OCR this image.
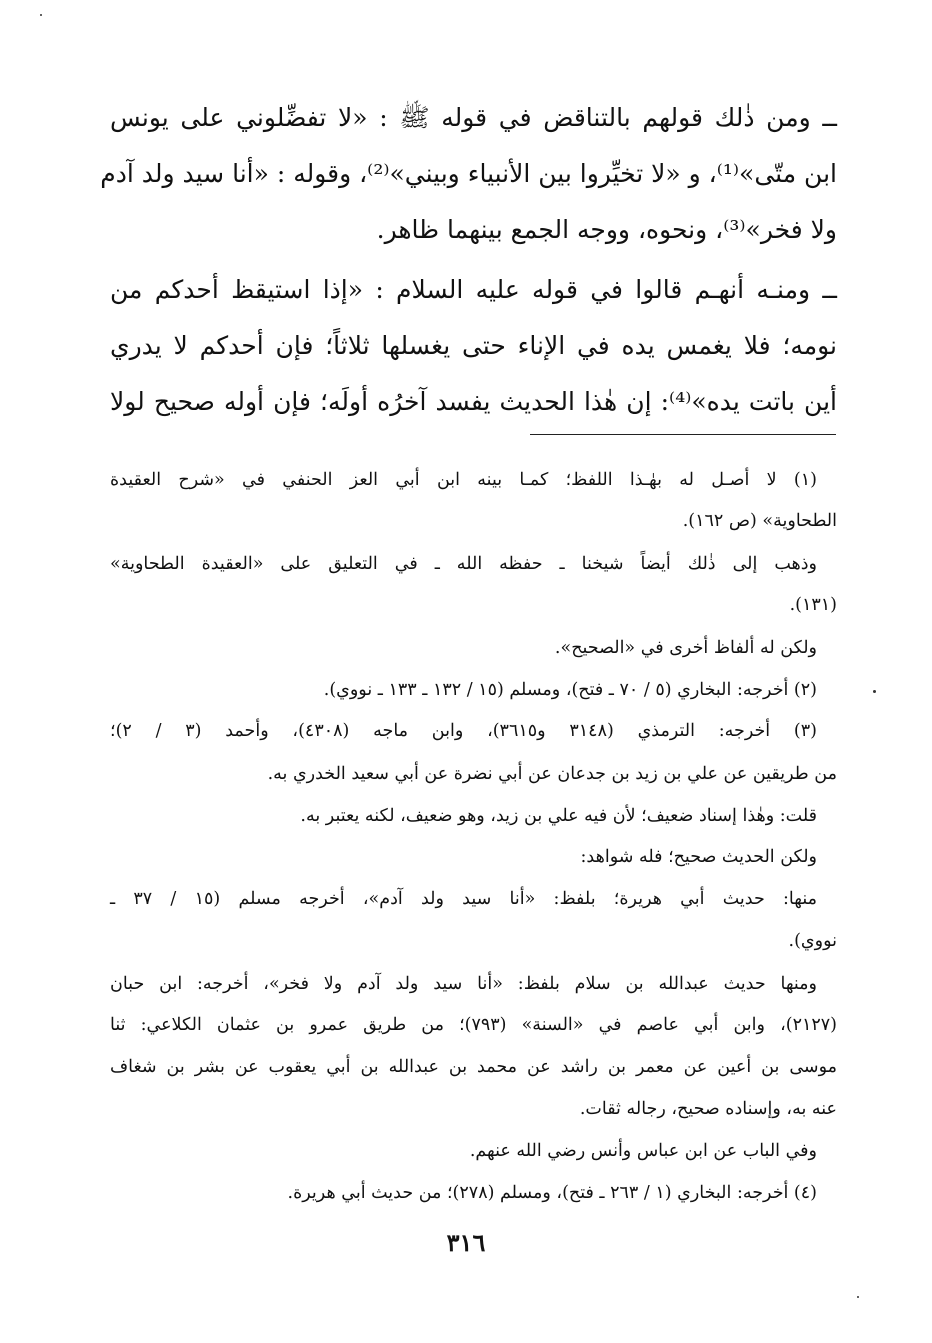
ــ ومن ذٰلك قولهم بالتناقض في قوله ﷺ : «لا تفضِّلوني على يونس

ابن متّى»⁽¹⁾، و «لا تخيِّروا بين الأنبياء وبيني»⁽²⁾، وقوله : «أنا سيد ولد آدم

ولا فخر»⁽³⁾، ونحوه، ووجه الجمع بينهما ظاهر.

ــ ومنـه أنهـم قالوا في قوله عليه السلام : «إذا استيقظ أحدكم من

نومه؛ فلا يغمس يده في الإناء حتى يغسلها ثلاثاً؛ فإن أحدكم لا يدري

أين باتت يده»⁽⁴⁾: إن هٰذا الحديث يفسد آخرُه أولَه؛ فإن أوله صحيح لولا

(١) لا أصـل له بهٰـذا اللفظ؛ كمـا بينه ابن أبي العز الحنفي في «شرح العقيدة

الطحاوية» (ص ١٦٢).

وذهب إلى ذٰلك أيضاً شيخنا ـ حفظه الله ـ في التعليق على «العقيدة الطحاوية»

(١٣١).

ولكن له ألفاظ أخرى في «الصحيح».

(٢) أخرجه: البخاري (٥ / ٧٠ ـ فتح)، ومسلم (١٥ / ١٣٢ ـ ١٣٣ ـ نووي).

(٣) أخرجه: الترمذي (٣١٤٨ و٣٦١٥)، وابن ماجه (٤٣٠٨)، وأحمد (٣ / ٢)؛

من طريقين عن علي بن زيد بن جدعان عن أبي نضرة عن أبي سعيد الخدري به.

قلت: وهٰذا إسناد ضعيف؛ لأن فيه علي بن زيد، وهو ضعيف، لكنه يعتبر به.

ولكن الحديث صحيح؛ فله شواهد:

منها: حديث أبي هريرة؛ بلفظ: «أنا سيد ولد آدم»، أخرجه مسلم (١٥ / ٣٧ ـ

نووي).

ومنها حديث عبدالله بن سلام بلفظ: «أنا سيد ولد آدم ولا فخر»، أخرجه: ابن حبان

(٢١٢٧)، وابن أبي عاصم في «السنة» (٧٩٣)؛ من طريق عمرو بن عثمان الكلاعي: ثنا

موسى بن أعين عن معمر بن راشد عن محمد بن عبدالله بن أبي يعقوب عن بشر بن شغاف

عنه به، وإسناده صحيح، رجاله ثقات.

وفي الباب عن ابن عباس وأنس رضي الله عنهم.

(٤) أخرجه: البخاري (١ / ٢٦٣ ـ فتح)، ومسلم (٢٧٨)؛ من حديث أبي هريرة.

٣١٦
